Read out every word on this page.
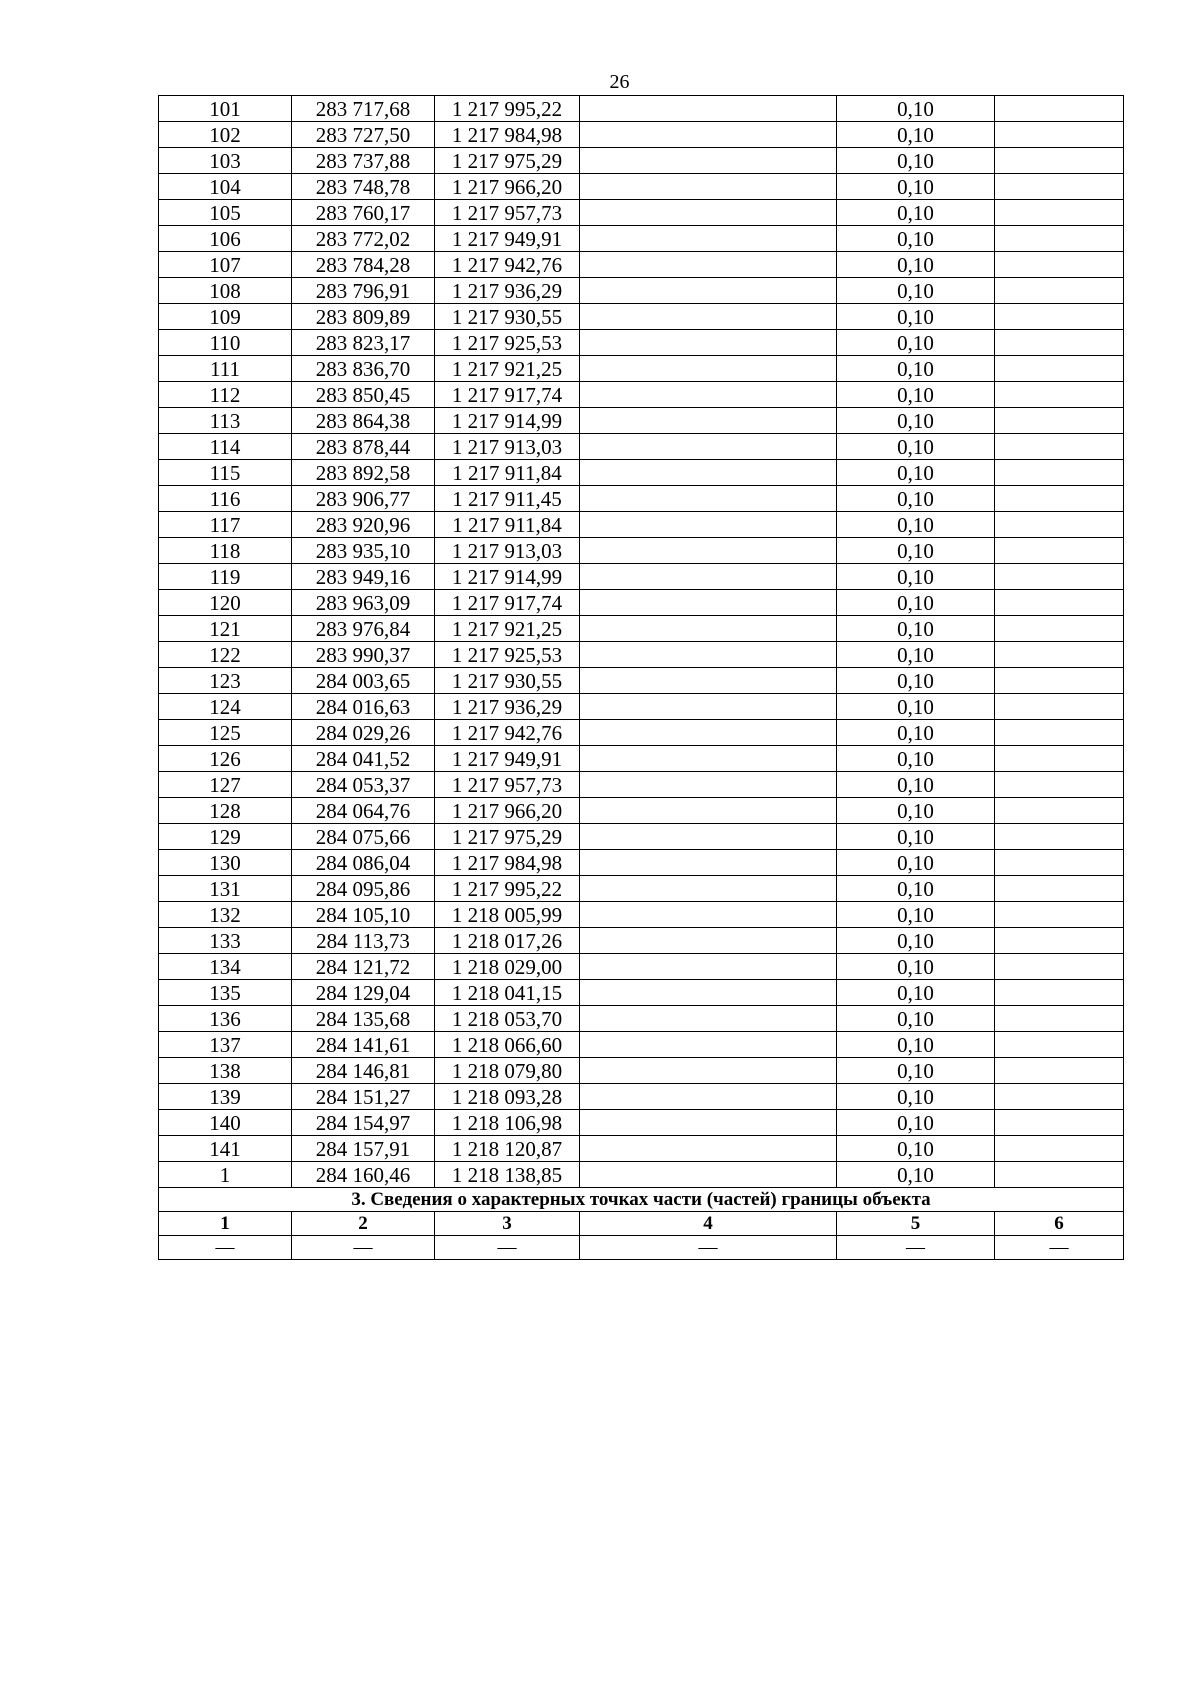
26
101	283 717,68	1 217 995,22		0,10	
102	283 727,50	1 217 984,98		0,10	
103	283 737,88	1 217 975,29		0,10	
104	283 748,78	1 217 966,20		0,10	
105	283 760,17	1 217 957,73		0,10	
106	283 772,02	1 217 949,91		0,10	
107	283 784,28	1 217 942,76		0,10	
108	283 796,91	1 217 936,29		0,10	
109	283 809,89	1 217 930,55		0,10	
110	283 823,17	1 217 925,53		0,10	
111	283 836,70	1 217 921,25		0,10	
112	283 850,45	1 217 917,74		0,10	
113	283 864,38	1 217 914,99		0,10	
114	283 878,44	1 217 913,03		0,10	
115	283 892,58	1 217 911,84		0,10	
116	283 906,77	1 217 911,45		0,10	
117	283 920,96	1 217 911,84		0,10	
118	283 935,10	1 217 913,03		0,10	
119	283 949,16	1 217 914,99		0,10	
120	283 963,09	1 217 917,74		0,10	
121	283 976,84	1 217 921,25		0,10	
122	283 990,37	1 217 925,53		0,10	
123	284 003,65	1 217 930,55		0,10	
124	284 016,63	1 217 936,29		0,10	
125	284 029,26	1 217 942,76		0,10	
126	284 041,52	1 217 949,91		0,10	
127	284 053,37	1 217 957,73		0,10	
128	284 064,76	1 217 966,20		0,10	
129	284 075,66	1 217 975,29		0,10	
130	284 086,04	1 217 984,98		0,10	
131	284 095,86	1 217 995,22		0,10	
132	284 105,10	1 218 005,99		0,10	
133	284 113,73	1 218 017,26		0,10	
134	284 121,72	1 218 029,00		0,10	
135	284 129,04	1 218 041,15		0,10	
136	284 135,68	1 218 053,70		0,10	
137	284 141,61	1 218 066,60		0,10	
138	284 146,81	1 218 079,80		0,10	
139	284 151,27	1 218 093,28		0,10	
140	284 154,97	1 218 106,98		0,10	
141	284 157,91	1 218 120,87		0,10	
1	284 160,46	1 218 138,85		0,10	
3. Сведения о характерных точках части (частей) границы объекта					
1	2	3	4	5	6
—	—	—	—	—	—
